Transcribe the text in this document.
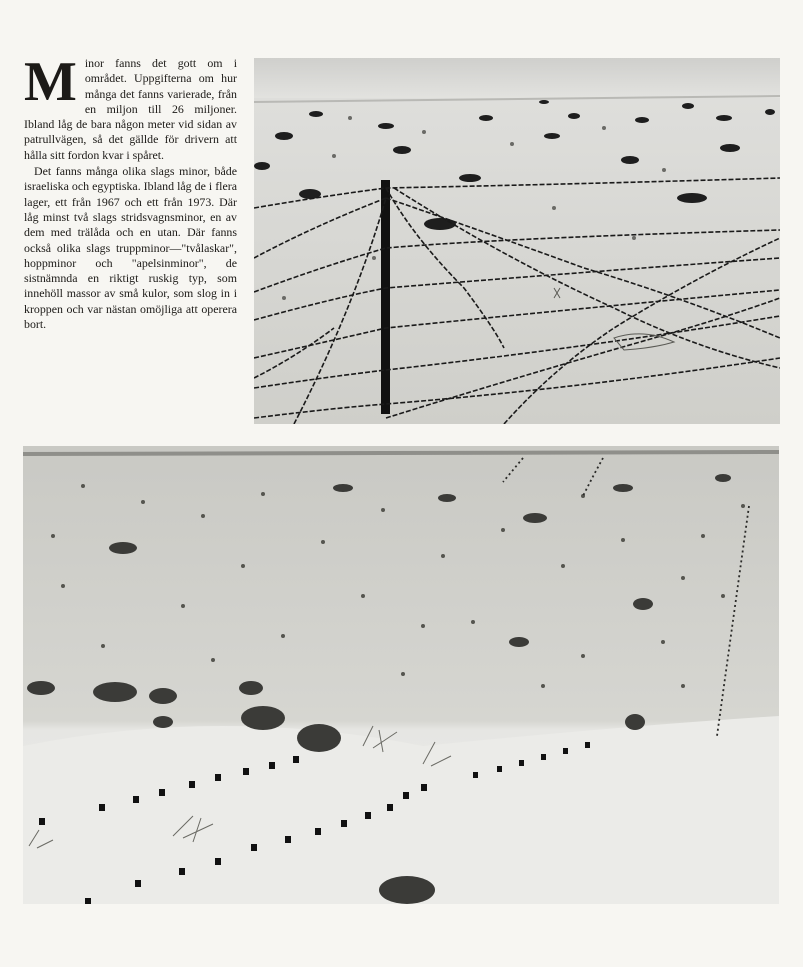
Minor fanns det gott om i området. Uppgifterna om hur många det fanns varierade, från en miljon till 26 miljoner. Ibland låg de bara någon meter vid sidan av patrullvägen, så det gällde för drivern att hålla sitt fordon kvar i spåret.

Det fanns många olika slags minor, både israeliska och egyptiska. Ibland låg de i flera lager, ett från 1967 och ett från 1973. Där låg minst två slags stridsvagnsminor, en av dem med trälåda och en utan. Där fanns också olika slags truppminor—"tvålaskar", hoppminor och "apelsinminor", de sistnämnda en riktigt ruskig typ, som innehöll massor av små kulor, som slog in i kroppen och var nästan omöjliga att operera bort.
